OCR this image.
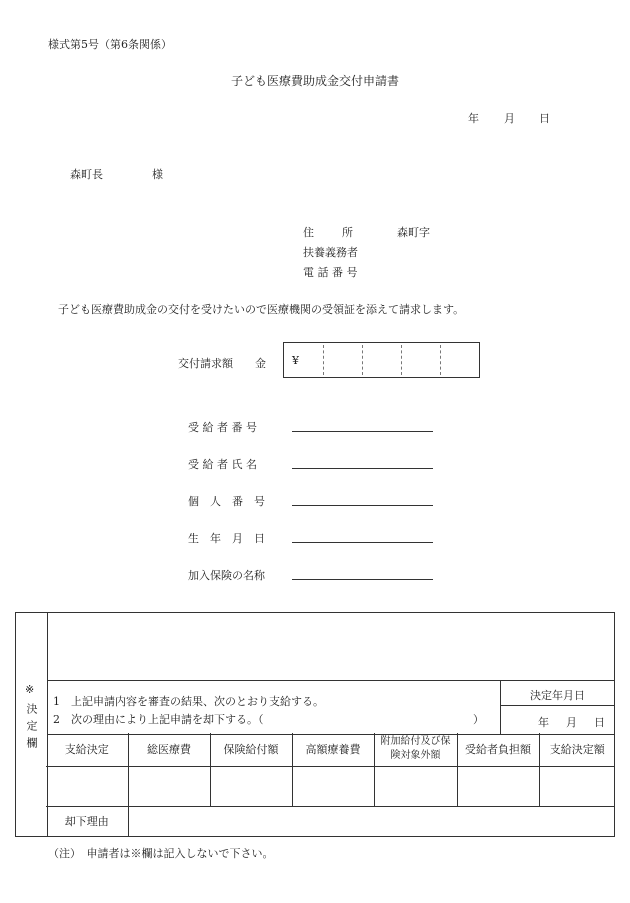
様式第5号（第6条関係）
子ども医療費助成金交付申請書
年 月 日
森町長	様
住　　所	森町字
扶養義務者
電 話 番 号
子ども医療費助成金の交付を受けたいので医療機関の受領証を添えて請求します。
交付請求額　　金 ¥
受 給 者 番 号
受 給 者 氏 名
個　人　番　号
生　年　月　日
加入保険の名称
※
決定欄
1　上記申請内容を審査の結果、次のとおり支給する。
2　次の理由により上記申請を却下する。（	）
決定年月日
年　月　日
支給決定	総医療費	保険給付額	高額療養費	附加給付及び保険対象外額	受給者負担額	支給決定額

却下理由						
（注）　申請者は※欄は記入しないで下さい。
